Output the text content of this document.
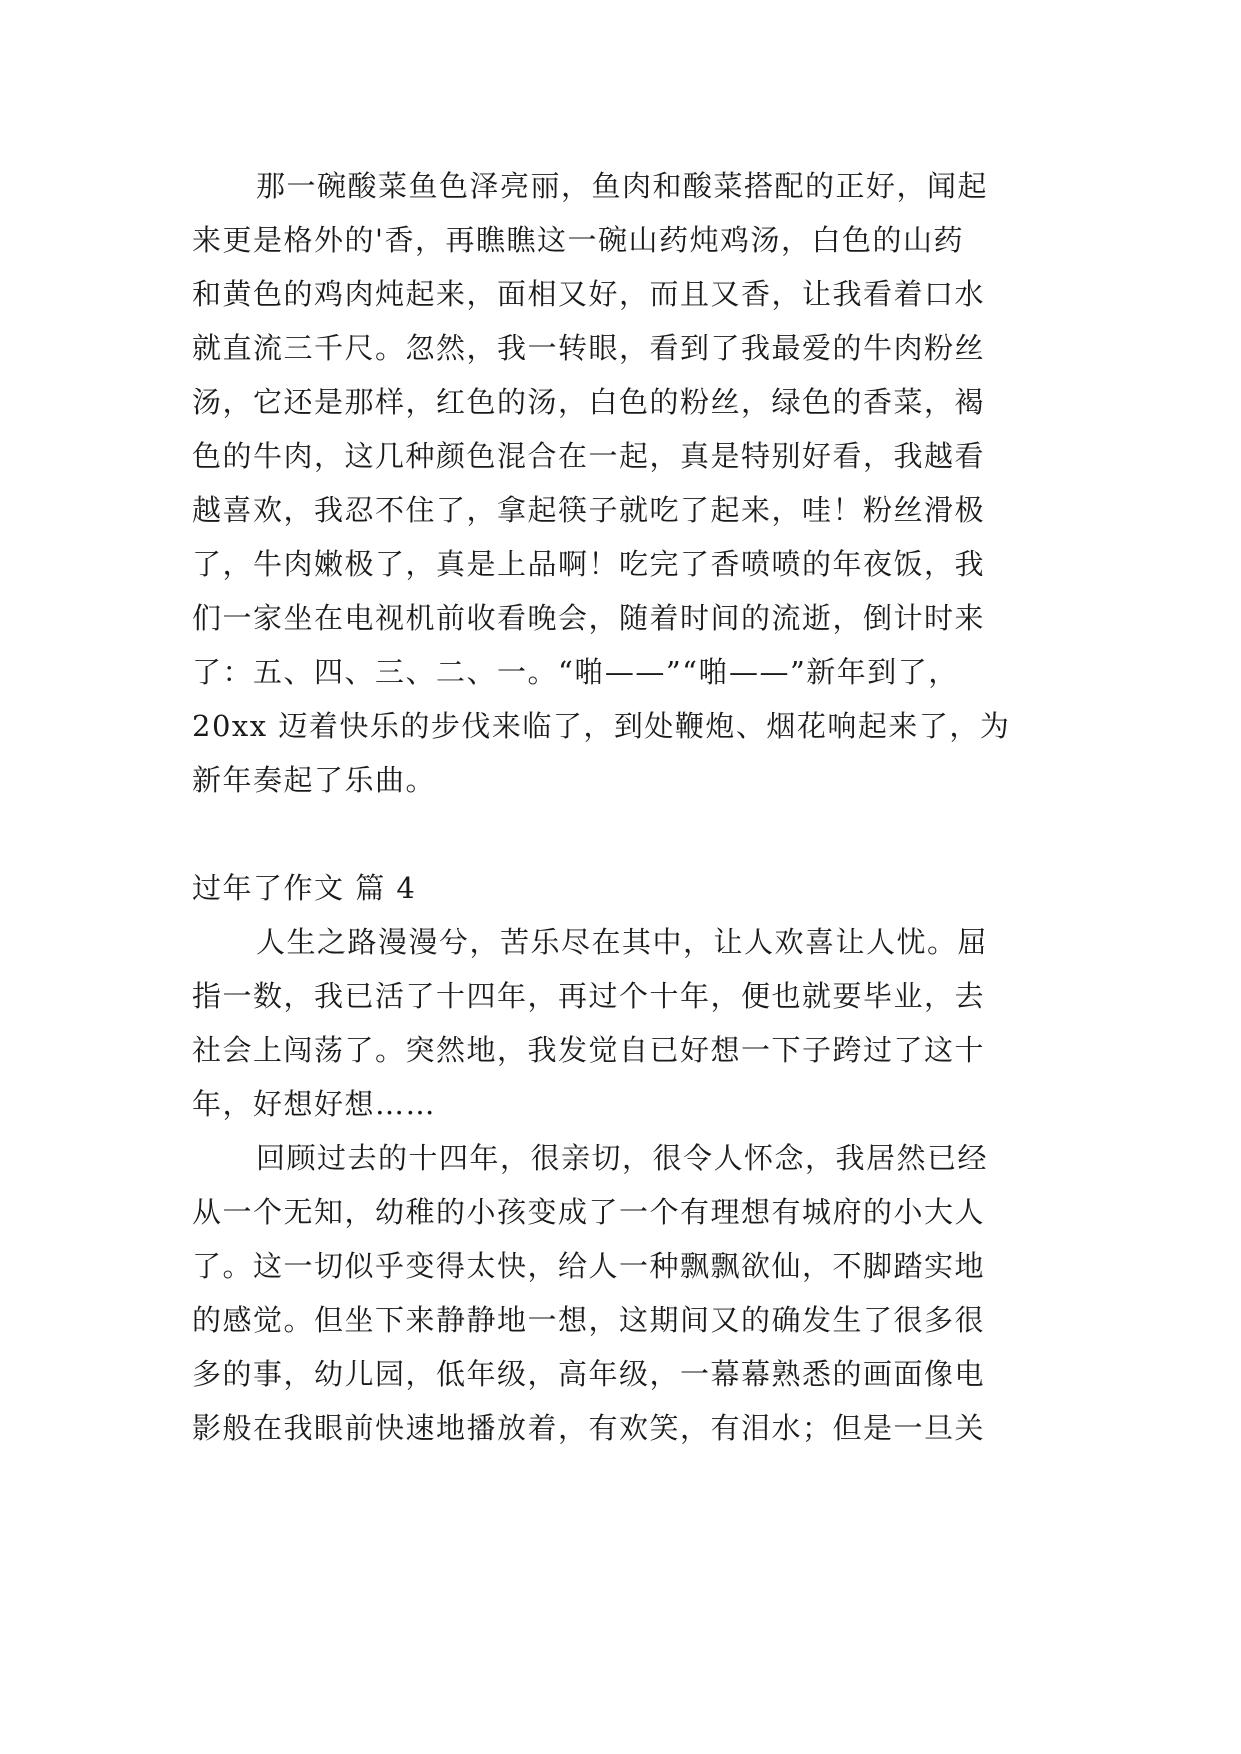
那一碗酸菜鱼色泽亮丽，鱼肉和酸菜搭配的正好，闻起
来更是格外的'香，再瞧瞧这一碗山药炖鸡汤，白色的山药
和黄色的鸡肉炖起来，面相又好，而且又香，让我看着口水
就直流三千尺。忽然，我一转眼，看到了我最爱的牛肉粉丝
汤，它还是那样，红色的汤，白色的粉丝，绿色的香菜，褐
色的牛肉，这几种颜色混合在一起，真是特别好看，我越看
越喜欢，我忍不住了，拿起筷子就吃了起来，哇！粉丝滑极
了，牛肉嫩极了，真是上品啊！吃完了香喷喷的年夜饭，我
们一家坐在电视机前收看晚会，随着时间的流逝，倒计时来
了：五、四、三、二、一。“啪——”“啪——”新年到了，
20xx 迈着快乐的步伐来临了，到处鞭炮、烟花响起来了，为
新年奏起了乐曲。
过年了作文 篇 4
人生之路漫漫兮，苦乐尽在其中，让人欢喜让人忧。屈
指一数，我已活了十四年，再过个十年，便也就要毕业，去
社会上闯荡了。突然地，我发觉自已好想一下子跨过了这十
年，好想好想……
回顾过去的十四年，很亲切，很令人怀念，我居然已经
从一个无知，幼稚的小孩变成了一个有理想有城府的小大人
了。这一切似乎变得太快，给人一种飘飘欲仙，不脚踏实地
的感觉。但坐下来静静地一想，这期间又的确发生了很多很
多的事，幼儿园，低年级，高年级，一幕幕熟悉的画面像电
影般在我眼前快速地播放着，有欢笑，有泪水；但是一旦关
